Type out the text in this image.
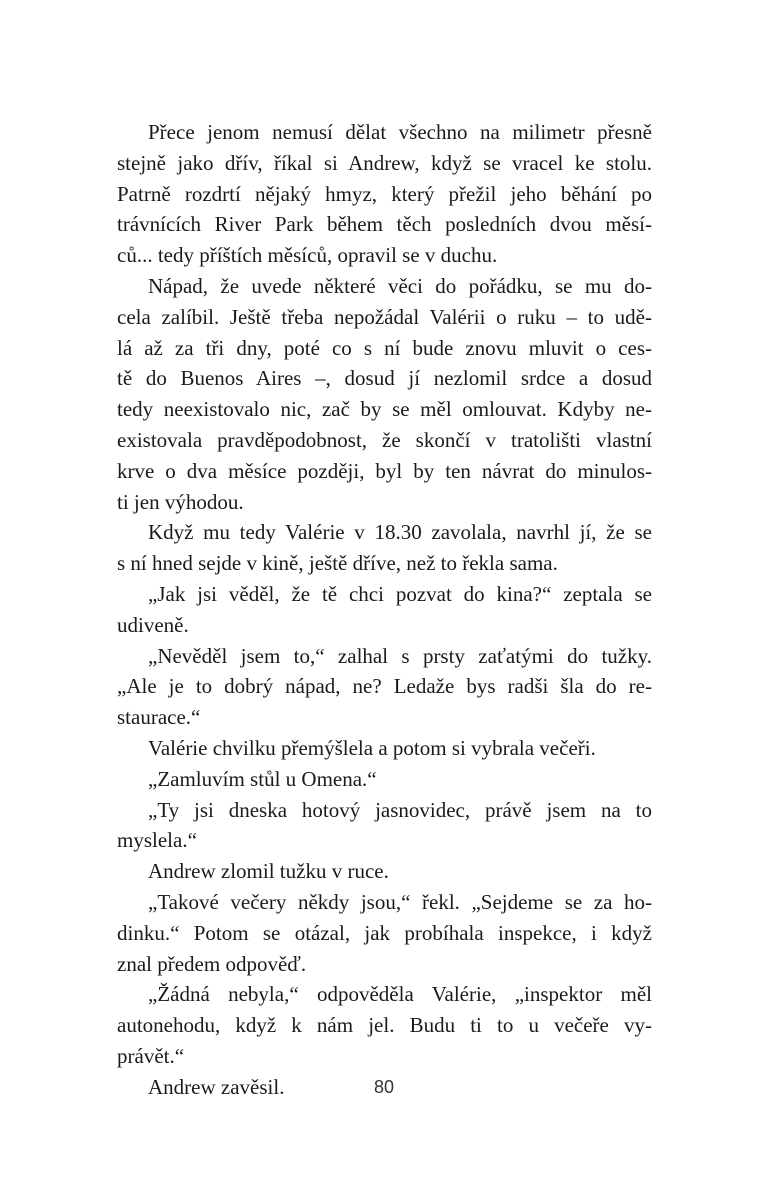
Přece jenom nemusí dělat všechno na milimetr přesně
stejně jako dřív, říkal si Andrew, když se vracel ke stolu.
Patrně rozdrtí nějaký hmyz, který přežil jeho běhání po
trávnících River Park během těch posledních dvou měsí-
ců... tedy příštích měsíců, opravil se v duchu.
Nápad, že uvede některé věci do pořádku, se mu do-
cela zalíbil. Ještě třeba nepožádal Valérii o ruku – to udě-
lá až za tři dny, poté co s ní bude znovu mluvit o ces-
tě do Buenos Aires –, dosud jí nezlomil srdce a dosud
tedy neexistovalo nic, zač by se měl omlouvat. Kdyby ne-
existovala pravděpodobnost, že skončí v tratolišti vlastní
krve o dva měsíce později, byl by ten návrat do minulos-
ti jen výhodou.
Když mu tedy Valérie v 18.30 zavolala, navrhl jí, že se
s ní hned sejde v kině, ještě dříve, než to řekla sama.
„Jak jsi věděl, že tě chci pozvat do kina?“ zeptala se
udiveně.
„Nevěděl jsem to,“ zalhal s prsty zaťatými do tužky.
„Ale je to dobrý nápad, ne? Ledaže bys radši šla do re-
staurace.“
Valérie chvilku přemýšlela a potom si vybrala večeři.
„Zamluvím stůl u Omena.“
„Ty jsi dneska hotový jasnovidec, právě jsem na to
myslela.“
Andrew zlomil tužku v ruce.
„Takové večery někdy jsou,“ řekl. „Sejdeme se za ho-
dinku.“ Potom se otázal, jak probíhala inspekce, i když
znal předem odpověď.
„Žádná nebyla,“ odpověděla Valérie, „inspektor měl
autonehodu, když k nám jel. Budu ti to u večeře vy-
právět.“
Andrew zavěsil.	80
